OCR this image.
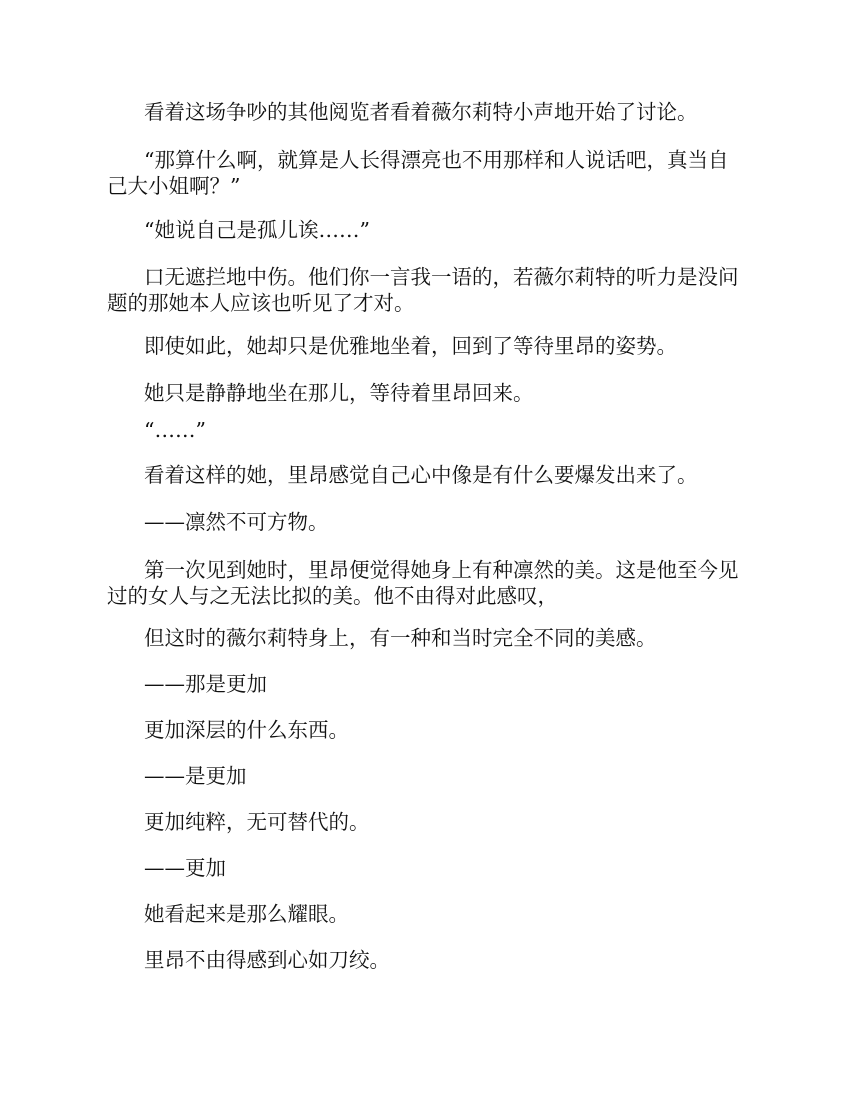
看着这场争吵的其他阅览者看着薇尔莉特小声地开始了讨论。

“那算什么啊，就算是人长得漂亮也不用那样和人说话吧，真当自己大小姐啊？”

“她说自己是孤儿诶……”

口无遮拦地中伤。他们你一言我一语的，若薇尔莉特的听力是没问题的那她本人应该也听见了才对。

即使如此，她却只是优雅地坐着，回到了等待里昂的姿势。

她只是静静地坐在那儿，等待着里昂回来。

“……”

看着这样的她，里昂感觉自己心中像是有什么要爆发出来了。

——凛然不可方物。

第一次见到她时，里昂便觉得她身上有种凛然的美。这是他至今见过的女人与之无法比拟的美。他不由得对此感叹，

但这时的薇尔莉特身上，有一种和当时完全不同的美感。

——那是更加

更加深层的什么东西。

——是更加

更加纯粹，无可替代的。

——更加

她看起来是那么耀眼。

里昂不由得感到心如刀绞。
